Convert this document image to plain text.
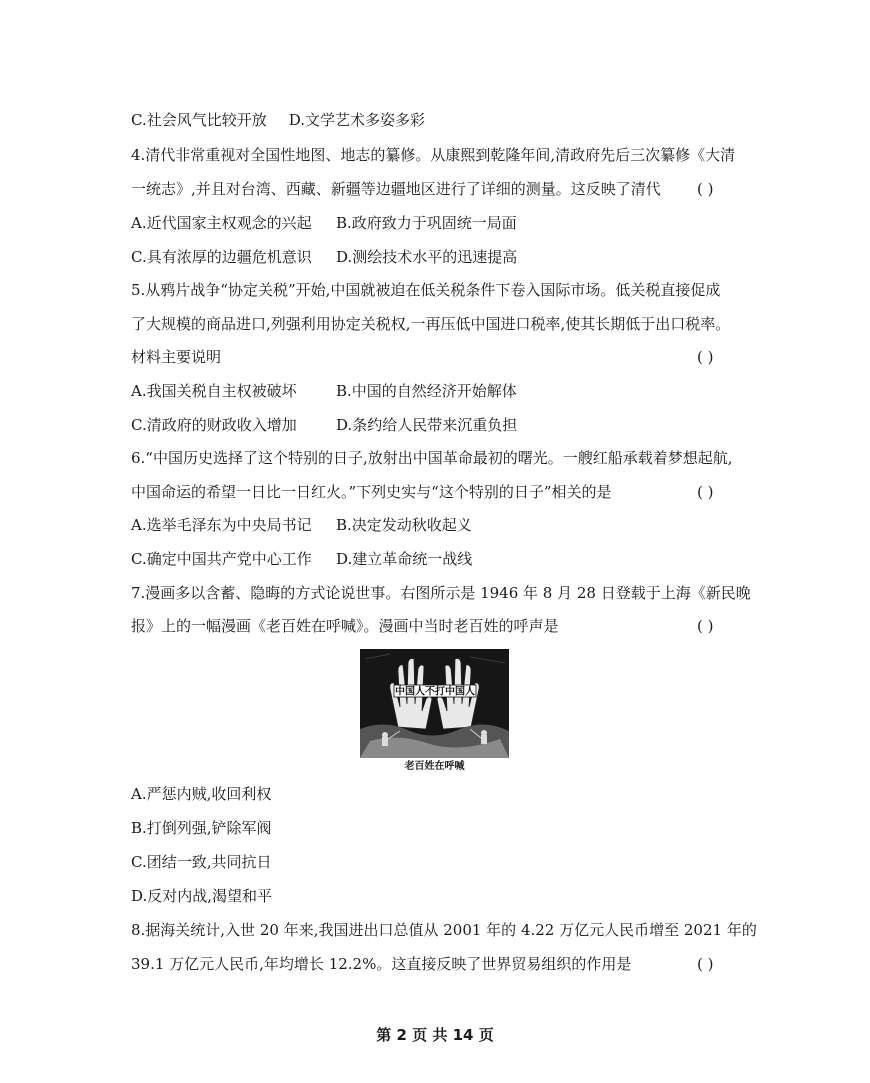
C.社会风气比较开放 D.文学艺术多姿多彩
4.清代非常重视对全国性地图、地志的纂修。从康熙到乾隆年间,清政府先后三次纂修《大清
一统志》,并且对台湾、西藏、新疆等边疆地区进行了详细的测量。这反映了清代 ( )
A.近代国家主权观念的兴起 B.政府致力于巩固统一局面
C.具有浓厚的边疆危机意识 D.测绘技术水平的迅速提高
5.从鸦片战争“协定关税”开始,中国就被迫在低关税条件下卷入国际市场。低关税直接促成
了大规模的商品进口,列强利用协定关税权,一再压低中国进口税率,使其长期低于出口税率。
材料主要说明	( )
A.我国关税自主权被破坏	B.中国的自然经济开始解体
C.清政府的财政收入增加	D.条约给人民带来沉重负担
6.“中国历史选择了这个特别的日子,放射出中国革命最初的曙光。一艘红船承载着梦想起航,
中国命运的希望一日比一日红火。”下列史实与“这个特别的日子”相关的是	( )
A.选举毛泽东为中央局书记 B.决定发动秋收起义
C.确定中国共产党中心工作 D.建立革命统一战线
7.漫画多以含蓄、隐晦的方式论说世事。右图所示是 1946 年 8 月 28 日登载于上海《新民晚
报》上的一幅漫画《老百姓在呼喊》。漫画中当时老百姓的呼声是	( )
中国人不打中国人
老百姓在呼喊
A.严惩内贼,收回利权
B.打倒列强,铲除军阀
C.团结一致,共同抗日
D.反对内战,渴望和平
8.据海关统计,入世 20 年来,我国进出口总值从 2001 年的 4.22 万亿元人民币增至 2021 年的
39.1 万亿元人民币,年均增长 12.2%。这直接反映了世界贸易组织的作用是	( )
第 2 页 共 14 页
